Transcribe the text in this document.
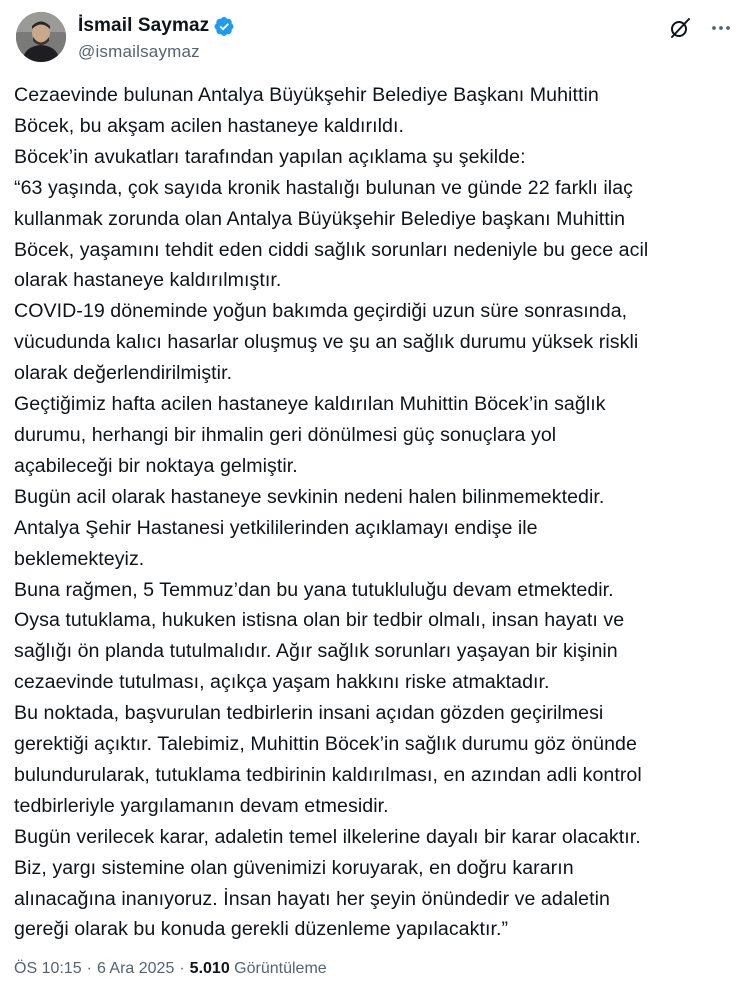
İsmail Saymaz
@ismailsaymaz
Cezaevinde bulunan Antalya Büyükşehir Belediye Başkanı Muhittin
Böcek, bu akşam acilen hastaneye kaldırıldı.
Böcek’in avukatları tarafından yapılan açıklama şu şekilde:
“63 yaşında, çok sayıda kronik hastalığı bulunan ve günde 22 farklı ilaç
kullanmak zorunda olan Antalya Büyükşehir Belediye başkanı Muhittin
Böcek, yaşamını tehdit eden ciddi sağlık sorunları nedeniyle bu gece acil
olarak hastaneye kaldırılmıştır.
COVID-19 döneminde yoğun bakımda geçirdiği uzun süre sonrasında,
vücudunda kalıcı hasarlar oluşmuş ve şu an sağlık durumu yüksek riskli
olarak değerlendirilmiştir.
Geçtiğimiz hafta acilen hastaneye kaldırılan Muhittin Böcek’in sağlık
durumu, herhangi bir ihmalin geri dönülmesi güç sonuçlara yol
açabileceği bir noktaya gelmiştir.
Bugün acil olarak hastaneye sevkinin nedeni halen bilinmemektedir.
Antalya Şehir Hastanesi yetkililerinden açıklamayı endişe ile
beklemekteyiz.
Buna rağmen, 5 Temmuz’dan bu yana tutukluluğu devam etmektedir.
Oysa tutuklama, hukuken istisna olan bir tedbir olmalı, insan hayatı ve
sağlığı ön planda tutulmalıdır. Ağır sağlık sorunları yaşayan bir kişinin
cezaevinde tutulması, açıkça yaşam hakkını riske atmaktadır.
Bu noktada, başvurulan tedbirlerin insani açıdan gözden geçirilmesi
gerektiği açıktır. Talebimiz, Muhittin Böcek’in sağlık durumu göz önünde
bulundurularak, tutuklama tedbirinin kaldırılması, en azından adli kontrol
tedbirleriyle yargılamanın devam etmesidir.
Bugün verilecek karar, adaletin temel ilkelerine dayalı bir karar olacaktır.
Biz, yargı sistemine olan güvenimizi koruyarak, en doğru kararın
alınacağına inanıyoruz. İnsan hayatı her şeyin önündedir ve adaletin
gereği olarak bu konuda gerekli düzenleme yapılacaktır.”
ÖS 10:15 · 6 Ara 2025 · 5.010 Görüntüleme
